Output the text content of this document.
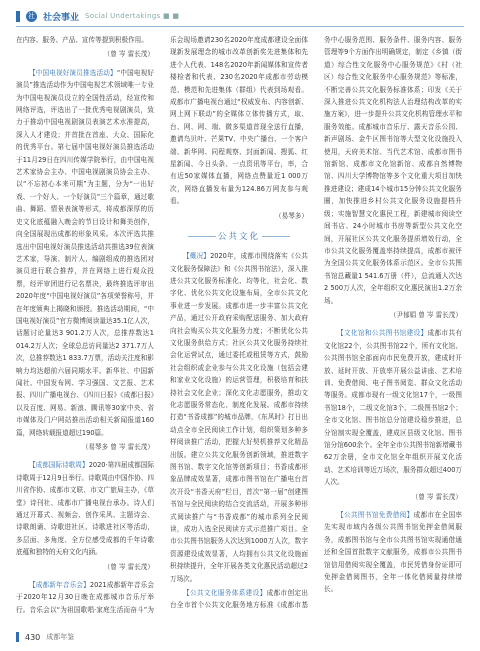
社 社会事业 Social Undertakings ■ ■

在内容、服务、产品、宣传等提到积极作用。

（曾 岑 雷长茂）

【中国电视好演员推选活动】“中国电视好演员”推选活动作为中国电视艺术领域唯一专业为中国电视演员设立的全国性活动，经宣传和网络评选，评选出了一批优秀电视剧演员，致力于推动中国电视剧演员表演艺术水准提高，深入人才建设；并首批在首座、大众、国际化的优秀平台。第七届中国电视好演员推选活动于11月29日在四川传媒学院举行，由中国电视艺术家协会主办、中国电视剧演员协会主办、以“不忘初心本来可期”为主题，分为“一出好戏、一个好人、一个好演员”三个篇章，通过歌曲、舞蹈、情景表演等形式，将成都深厚的历史文化底蕴融入晚会的节目设计和舞美创作，向全国展现出成都的形象风采。本次评选共推选出中国电视好演员推选活动共推选39位表演艺术家，导演、制片人、编剧组成的推选团对演员进行联合推荐，并在网络上进行观众投票，经评审团进行记名票决，最终推选评审出2020年度“中国电视好演员”各项荣誉称号，并在年度颁典上揭晓和颁授。推选活动期间，“中国电视好演员”官方微博阅读量达35.1亿人次，话题讨论量达3 901.2万人次，总推荐数达1 014.2万人次；全球总总访问量达2 371.7万人次，总推荐数达1 833.7万票，活动关注度和影响力均达超前六届同期水平。新华社、中国新闻社、中国发布网、学习强国、文艺报、艺术报、四川广播电视台、《四川日报》《成都日报》以及百度、网易、新浪、腾讯等30家中央、省市媒体及门户网站推出活动相关新闻报道160篇，网络转载报道超过190篇。

（易琴多 曾 岑 雷长茂）

【成都国际诗歌周】2020·第四届成都国际诗歌周于12月9日举行。诗歌周由中国作协、四川省作协、成都市文联、市文广旅局主办，《草堂》诗刊社、成都市广播电视台承办。诗人们通过开幕式、视频会、创作采风、主题诗会、诗歌朗诵、诗歌进社区、诗歌进社区等活动，多层面、多角度、全方位感受成都的千年诗歌底蕴和独特的天府文化内涵。

（曾 岑 雷长茂）

【成都新年音乐会】2021成都新年音乐会于2020年12月30日晚在成都城市音乐厅举行。音乐会以“为祖国歌唱·家庭生活而奋斗”为

乐会现场邀请230名2020年度成都建设全面体现新发展理念的城市改革创新奖先进集体和先进个人代表、148名2020年新闻媒体和宣传者楼检者和代表、230名2020年成都市劳动模范、模范和先进集体（群组）代表到场观看。成都市广播电视台通过“权威发布、内容创新、网上网下联动”的全媒体立体传播方式，取、台、网、网、端、微多渠道首现全送行直播，邀请鸟贝叶、芒果TV、中央广播台、一个客户端、新华网、同程观察、封面新闻、搜狐、红星新闻、今日头条、一点资讯等平台，率，合有近50家媒体直播，网络点赞量近1 000万次，网络直播发布量为124.86万网友参与观看。

（易琴多）
公共文化

【概况】2020年，成都市围绕落实《公共文化服务保障法》和《公共图书馆法》，深入推进公共文化服务标准化、均等化，社会化、数字化、优化公共文化设施布局，全市公共文化事业进一步发展。成都市进一步丰富公共文化产品，通过公开政府采购配送服务、加大政府向社会购买公共文化服务力度；不断优化公共文化服务供给方式；社区公共文化服务持续社会化运营试点，通过委托或租赁等方式，鼓励社会组织或企业参与公共文化设施（包括会建和家业文化设施）的运营管理，积极培育和扶持社会文化企业；深化文化志愿服务，推动文化志愿服务常态化、制度化发展。成都市持续打造“书香成都”的城市品牌，《东风时》打日出动点全市全民阅读工作计划，组织策划多种多样阅读推广活动，把握大好契机推荐文化精品出版。建立公共文化服务创新领域，推进数字图书馆、数字文化馆等创新项目；书香成都形象品牌成效显著，成都市图书馆在广播电台首次开设“书香天府”栏目，首次“第一届”创建图书馆与全民阅读的结合交流活动，开展多种形式阅读推广与“书香成都”的城市系列全民阅读，成功入选全民阅读方式示范推广项目。全市公共图书馆服务人次达到1000万人次，数字资源建设成效显著，人均拥有公共文化设施面积持续提升，全年开展各类文化惠民活动超过2万场次。

【公共文化服务体系建设】成都市创定出台全市首个公共文化服务地方标准《成都市基

务中心服务范围、服务条件、服务内容、服务管理等9个方面作出明确规定，制定《乡镇（街道）综合性文化服务中心服务规范》《村（社区）综合性文化服务中心服务规范》等标准，不断完善公共文化服务标准体系；印发《关于深入推进公共文化机构法人治理结构改革的实施方案》，进一步提升公共文化机构管理水平和服务效能。成都城市音乐厅、露天音乐公园、新声剧场、金牛区图书馆等大型文化设施投入使用，天府美术馆、当代艺术馆、成都市图书馆新馆、成都市文化馆新馆、成都自然博物馆、四川大学博物馆等多个文化重大项目加快推进建设；建成14个城市15分钟公共文化服务圈，加快推进乡村公共文化服务设施提档升级；实施智慧文化惠民工程，新建城市阅读空间书店、24小时城市书房等新型公共文化空间，开展社区公共文化服务提质增效行动，全市公共文化服务覆盖率持续提高，成都市被评为全国公共文化服务体系示范区。全市公共图书馆总藏量1 541.6万册（件），总流通人次达2 500万人次，全年组织文化惠民演出1.2万余场。

（尹郁娟 曾 岑 雷长茂）

【文化馆和公共图书馆建设】成都市共有文化馆22个，公共图书馆22个，所有文化馆、公共图书馆全部面向市民免费开放，建成时开放、延时开放、开放率开展公益讲座、艺术培训、免费借阅、电子图书阅览、群众文化活动等服务。成都市现有一级文化馆17个，一级图书馆18个，二级文化馆3个、二级图书馆2个；全市文化馆、图书馆总分馆建设稳步推进，总分馆制实现全覆盖，建成区县级文化馆、图书馆分馆600余个。全年全市公共图书馆新增藏书62万余册，全市文化馆全年组织开展文化活动、艺术培训等近万场次，服务群众超过400万人次。

（曾 岑 雷长茂）

【公共图书馆免费借阅】成都市在全国率先实现市域内各级公共图书馆免押金借阅服务，成都图书馆与全市公共图书馆实现通借通还和全国首批数字文献服务，成都市公共图书馆信用借阅实现全覆盖，市民凭借身份证即可免押金借阅图书，全年一体化借阅量持续增长。

430 成都年鉴
